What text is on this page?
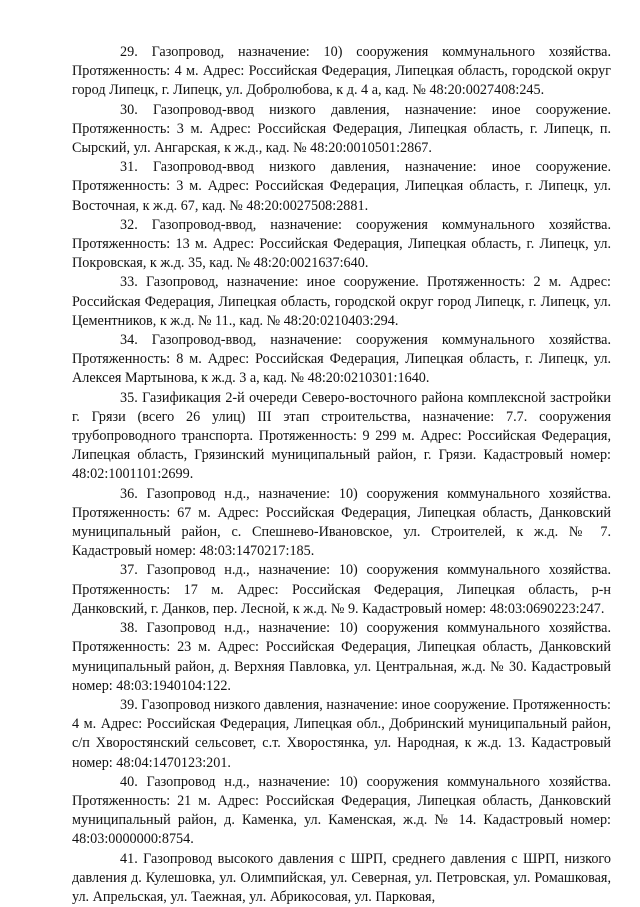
29. Газопровод, назначение: 10) сооружения коммунального хозяйства. Протяженность: 4 м. Адрес: Российская Федерация, Липецкая область, городской округ город Липецк, г. Липецк, ул. Добролюбова, к д. 4 а, кад. № 48:20:0027408:245.

30. Газопровод-ввод низкого давления, назначение: иное сооружение. Протяженность: 3 м. Адрес: Российская Федерация, Липецкая область, г. Липецк, п. Сырский, ул. Ангарская, к ж.д., кад. № 48:20:0010501:2867.

31. Газопровод-ввод низкого давления, назначение: иное сооружение. Протяженность: 3 м. Адрес: Российская Федерация, Липецкая область, г. Липецк, ул. Восточная, к ж.д. 67, кад. № 48:20:0027508:2881.

32. Газопровод-ввод, назначение: сооружения коммунального хозяйства. Протяженность: 13 м. Адрес: Российская Федерация, Липецкая область, г. Липецк, ул. Покровская, к ж.д. 35, кад. № 48:20:0021637:640.

33. Газопровод, назначение: иное сооружение. Протяженность: 2 м. Адрес: Российская Федерация, Липецкая область, городской округ город Липецк, г. Липецк, ул. Цементников, к ж.д. № 11., кад. № 48:20:0210403:294.

34. Газопровод-ввод, назначение: сооружения коммунального хозяйства. Протяженность: 8 м. Адрес: Российская Федерация, Липецкая область, г. Липецк, ул. Алексея Мартынова, к ж.д. 3 а, кад. № 48:20:0210301:1640.

35. Газификация 2-й очереди Северо-восточного района комплексной застройки г. Грязи (всего 26 улиц) III этап строительства, назначение: 7.7. сооружения трубопроводного транспорта. Протяженность: 9 299 м. Адрес: Российская Федерация, Липецкая область, Грязинский муниципальный район, г. Грязи. Кадастровый номер: 48:02:1001101:2699.

36. Газопровод н.д., назначение: 10) сооружения коммунального хозяйства. Протяженность: 67 м. Адрес: Российская Федерация, Липецкая область, Данковский муниципальный район, с. Спешнево-Ивановское, ул. Строителей, к ж.д. № 7. Кадастровый номер: 48:03:1470217:185.

37. Газопровод н.д., назначение: 10) сооружения коммунального хозяйства. Протяженность: 17 м. Адрес: Российская Федерация, Липецкая область, р-н Данковский, г. Данков, пер. Лесной, к ж.д. № 9. Кадастровый номер: 48:03:0690223:247.

38. Газопровод н.д., назначение: 10) сооружения коммунального хозяйства. Протяженность: 23 м. Адрес: Российская Федерация, Липецкая область, Данковский муниципальный район, д. Верхняя Павловка, ул. Центральная, ж.д. № 30. Кадастровый номер: 48:03:1940104:122.

39. Газопровод низкого давления, назначение: иное сооружение. Протяженность: 4 м. Адрес: Российская Федерация, Липецкая обл., Добринский муниципальный район, с/п Хворостянский сельсовет, с.т. Хворостянка, ул. Народная, к ж.д. 13. Кадастровый номер: 48:04:1470123:201.

40. Газопровод н.д., назначение: 10) сооружения коммунального хозяйства. Протяженность: 21 м. Адрес: Российская Федерация, Липецкая область, Данковский муниципальный район, д. Каменка, ул. Каменская, ж.д. № 14. Кадастровый номер: 48:03:0000000:8754.

41. Газопровод высокого давления с ШРП, среднего давления с ШРП, низкого давления д. Кулешовка, ул. Олимпийская, ул. Северная, ул. Петровская, ул. Ромашковая, ул. Апрельская, ул. Таежная, ул. Абрикосовая, ул. Парковая,
